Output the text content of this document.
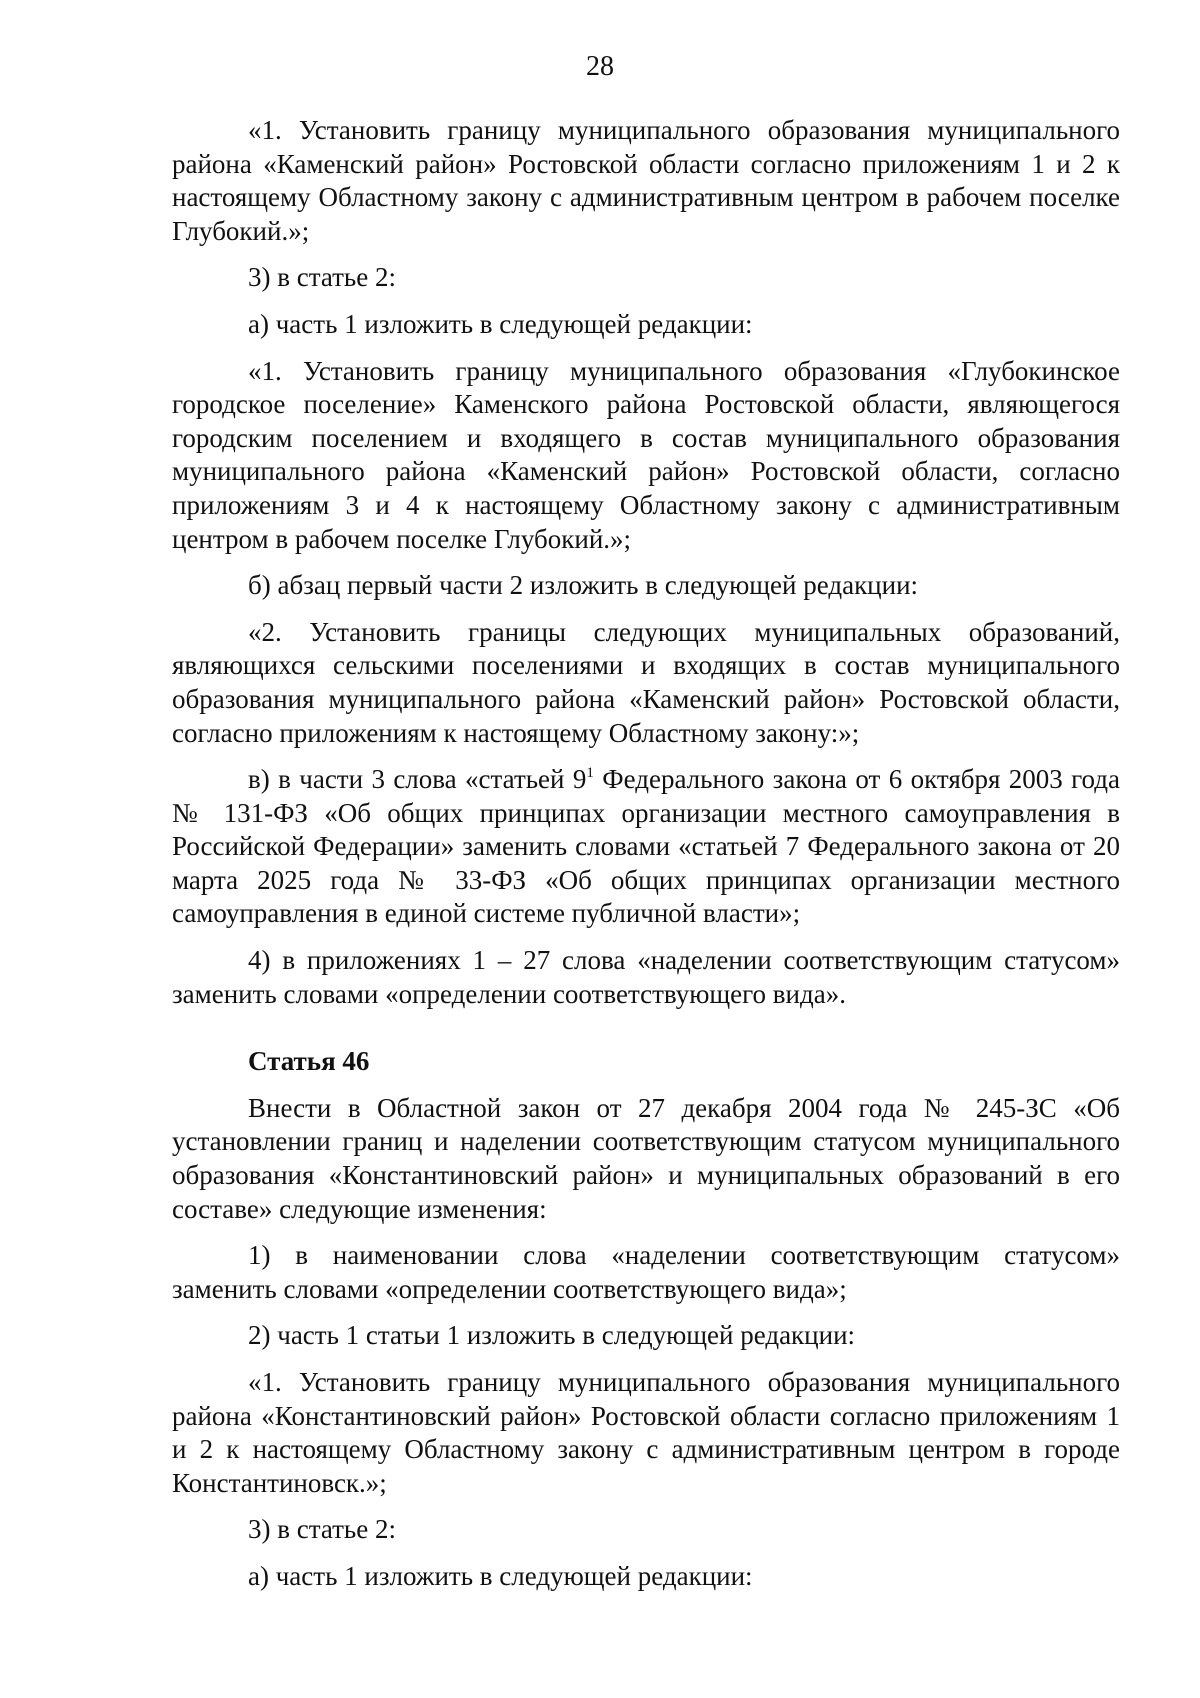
28

«1. Установить границу муниципального образования муниципального района «Каменский район» Ростовской области согласно приложениям 1 и 2 к настоящему Областному закону с административным центром в рабочем поселке Глубокий.»;

3) в статье 2:

а) часть 1 изложить в следующей редакции:

«1. Установить границу муниципального образования «Глубокинское городское поселение» Каменского района Ростовской области, являющегося городским поселением и входящего в состав муниципального образования муниципального района «Каменский район» Ростовской области, согласно приложениям 3 и 4 к настоящему Областному закону с административным центром в рабочем поселке Глубокий.»;

б) абзац первый части 2 изложить в следующей редакции:

«2. Установить границы следующих муниципальных образований, являющихся сельскими поселениями и входящих в состав муниципального образования муниципального района «Каменский район» Ростовской области, согласно приложениям к настоящему Областному закону:»;

в) в части 3 слова «статьей $9^1$ Федерального закона от 6 октября 2003 года № 131-ФЗ «Об общих принципах организации местного самоуправления в Российской Федерации» заменить словами «статьей 7 Федерального закона от 20 марта 2025 года № 33-ФЗ «Об общих принципах организации местного самоуправления в единой системе публичной власти»;

4) в приложениях 1 – 27 слова «наделении соответствующим статусом» заменить словами «определении соответствующего вида».

Статья 46

Внести в Областной закон от 27 декабря 2004 года № 245-ЗС «Об установлении границ и наделении соответствующим статусом муниципального образования «Константиновский район» и муниципальных образований в его составе» следующие изменения:

1) в наименовании слова «наделении соответствующим статусом» заменить словами «определении соответствующего вида»;

2) часть 1 статьи 1 изложить в следующей редакции:

«1. Установить границу муниципального образования муниципального района «Константиновский район» Ростовской области согласно приложениям 1 и 2 к настоящему Областному закону с административным центром в городе Константиновск.»;

3) в статье 2:

а) часть 1 изложить в следующей редакции:
